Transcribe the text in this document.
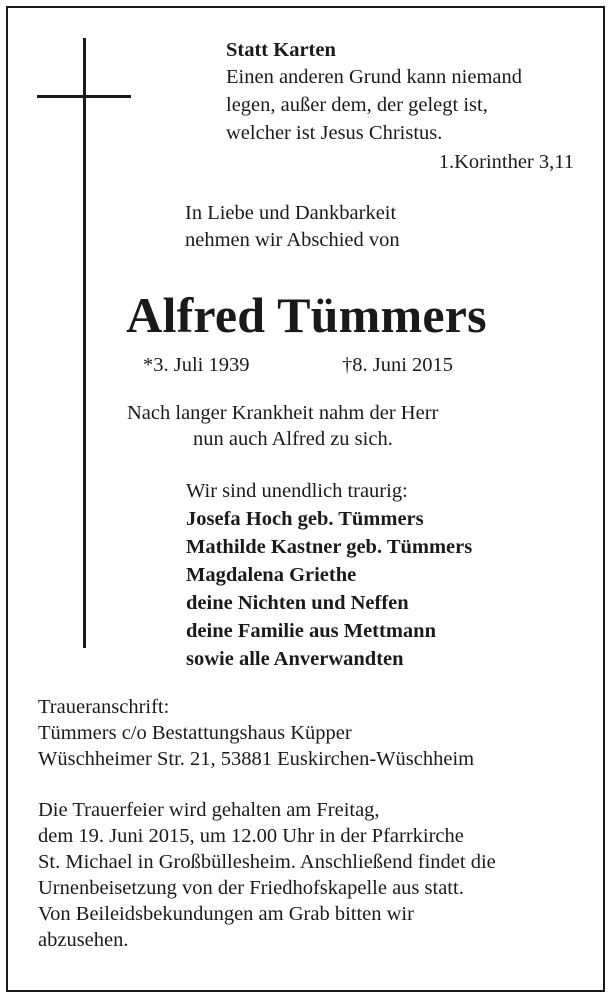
Statt Karten
Einen anderen Grund kann niemand
legen, außer dem, der gelegt ist,
welcher ist Jesus Christus.
1.Korinther 3,11
In Liebe und Dankbarkeit
nehmen wir Abschied von
Alfred Tümmers
*3. Juli 1939	†8. Juni 2015
Nach langer Krankheit nahm der Herr
nun auch Alfred zu sich.
Wir sind unendlich traurig:
Josefa Hoch geb. Tümmers
Mathilde Kastner geb. Tümmers
Magdalena Griethe
deine Nichten und Neffen
deine Familie aus Mettmann
sowie alle Anverwandten
Traueranschrift:
Tümmers c/o Bestattungshaus Küpper
Wüschheimer Str. 21, 53881 Euskirchen-Wüschheim
Die Trauerfeier wird gehalten am Freitag,
dem 19. Juni 2015, um 12.00 Uhr in der Pfarrkirche
St. Michael in Großbüllesheim. Anschließend findet die
Urnenbeisetzung von der Friedhofskapelle aus statt.
Von Beileidsbekundungen am Grab bitten wir
abzusehen.
